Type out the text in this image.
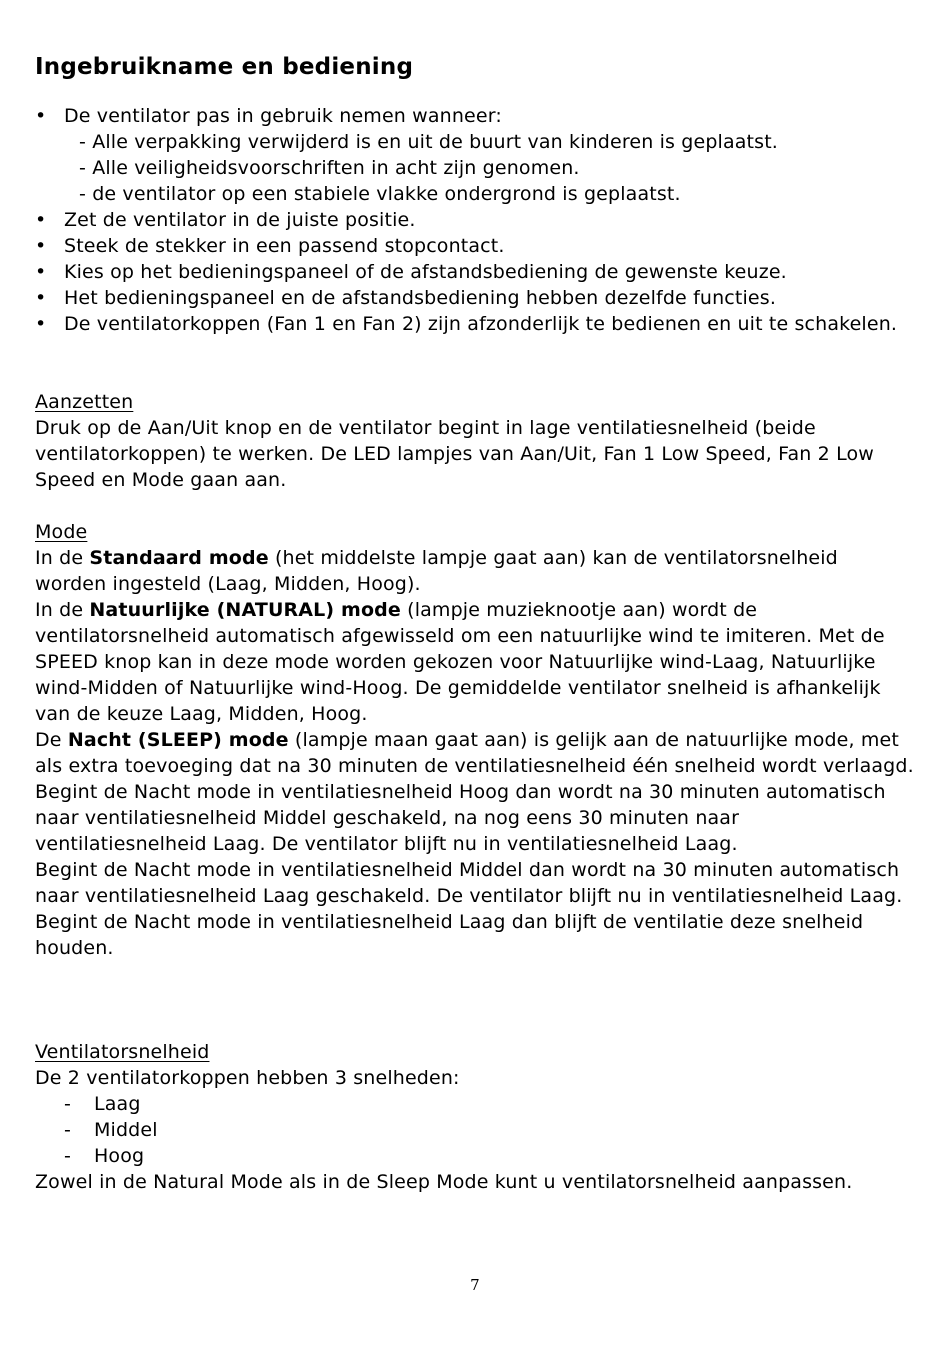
Ingebruikname en bediening
• De ventilator pas in gebruik nemen wanneer:
- Alle verpakking verwijderd is en uit de buurt van kinderen is geplaatst.
- Alle veiligheidsvoorschriften in acht zijn genomen.
- de ventilator op een stabiele vlakke ondergrond is geplaatst.
• Zet de ventilator in de juiste positie.
• Steek de stekker in een passend stopcontact.
• Kies op het bedieningspaneel of de afstandsbediening de gewenste keuze.
• Het bedieningspaneel en de afstandsbediening hebben dezelfde functies.
• De ventilatorkoppen (Fan 1 en Fan 2) zijn afzonderlijk te bedienen en uit te schakelen.
Aanzetten
Druk op de Aan/Uit knop en de ventilator begint in lage ventilatiesnelheid (beide ventilatorkoppen) te werken. De LED lampjes van Aan/Uit, Fan 1 Low Speed, Fan 2 Low Speed en Mode gaan aan.
Mode
In de Standaard mode (het middelste lampje gaat aan) kan de ventilatorsnelheid worden ingesteld (Laag, Midden, Hoog).
In de Natuurlijke (NATURAL) mode (lampje muzieknootje aan) wordt de ventilatorsnelheid automatisch afgewisseld om een natuurlijke wind te imiteren. Met de SPEED knop kan in deze mode worden gekozen voor Natuurlijke wind-Laag, Natuurlijke wind-Midden of Natuurlijke wind-Hoog. De gemiddelde ventilator snelheid is afhankelijk van de keuze Laag, Midden, Hoog.
De Nacht (SLEEP) mode (lampje maan gaat aan) is gelijk aan de natuurlijke mode, met als extra toevoeging dat na 30 minuten de ventilatiesnelheid één snelheid wordt verlaagd.
Begint de Nacht mode in ventilatiesnelheid Hoog dan wordt na 30 minuten automatisch naar ventilatiesnelheid Middel geschakeld, na nog eens 30 minuten naar ventilatiesnelheid Laag. De ventilator blijft nu in ventilatiesnelheid Laag.
Begint de Nacht mode in ventilatiesnelheid Middel dan wordt na 30 minuten automatisch naar ventilatiesnelheid Laag geschakeld. De ventilator blijft nu in ventilatiesnelheid Laag.
Begint de Nacht mode in ventilatiesnelheid Laag dan blijft de ventilatie deze snelheid houden.
Ventilatorsnelheid
De 2 ventilatorkoppen hebben 3 snelheden:
- Laag
- Middel
- Hoog
Zowel in de Natural Mode als in de Sleep Mode kunt u ventilatorsnelheid aanpassen.
7
